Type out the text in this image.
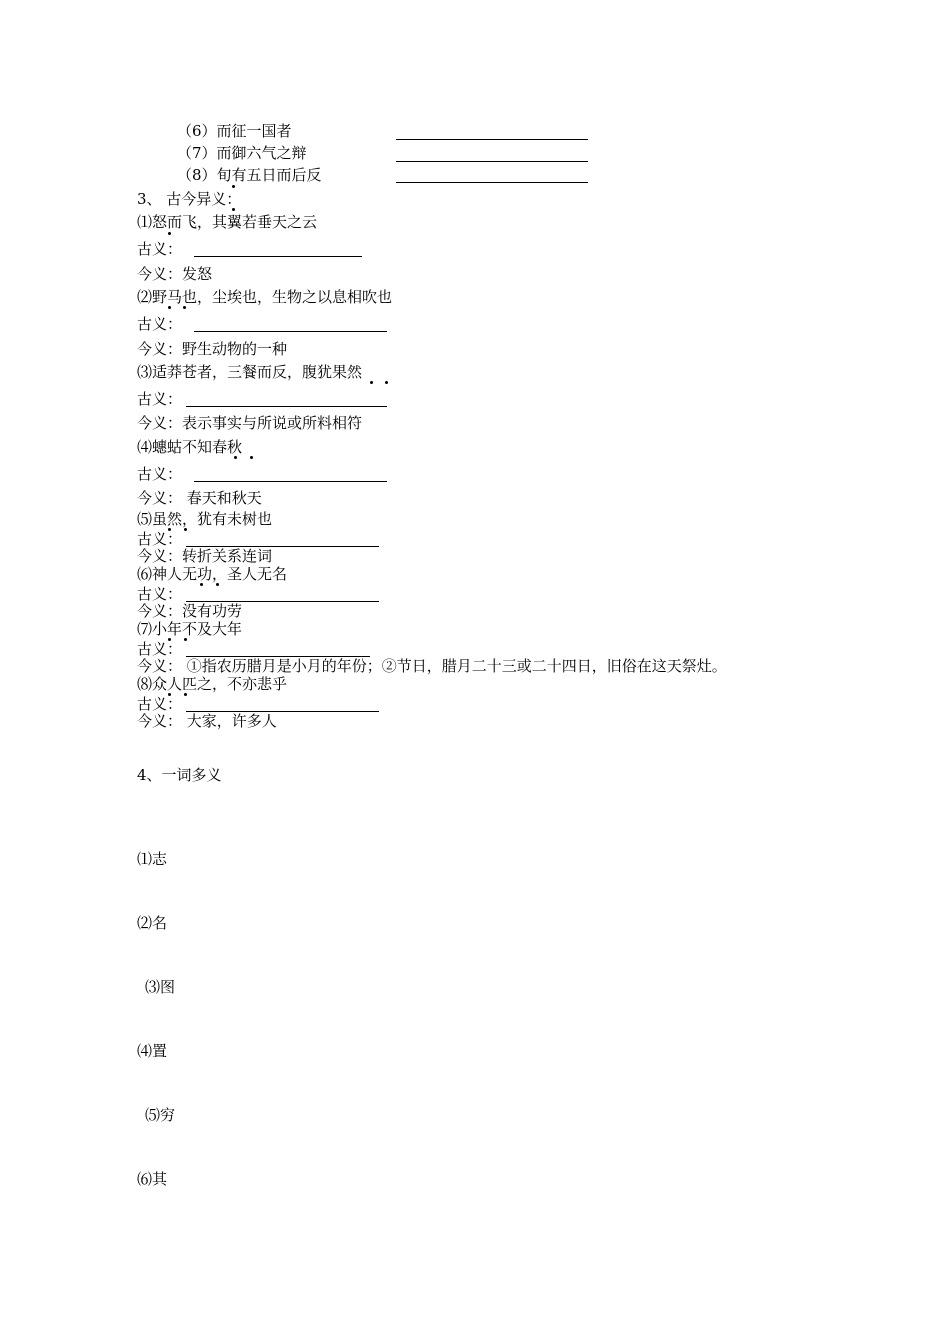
（6）而征一国者
（7）而御六气之辩
（8）旬有五日而后反
3、 古今异义：
⑴怒而飞，其翼若垂天之云
古义：
今义：发怒
⑵野马也，尘埃也，生物之以息相吹也
古义：
今义：野生动物的一种
⑶适莽苍者，三餐而反，腹犹果然
古义：
今义：表示事实与所说或所料相符
⑷蟪蛄不知春秋
古义：
今义： 春天和秋天
⑸虽然，犹有未树也
古义：
今义：转折关系连词
⑹神人无功，圣人无名
古义：
今义：没有功劳
⑺小年不及大年
古义：
今义： ①指农历腊月是小月的年份；②节日，腊月二十三或二十四日，旧俗在这天祭灶。
⑻众人匹之，不亦悲乎
古义：
今义： 大家，许多人
4、一词多义
⑴志
⑵名
⑶图
⑷置
⑸穷
⑹其
